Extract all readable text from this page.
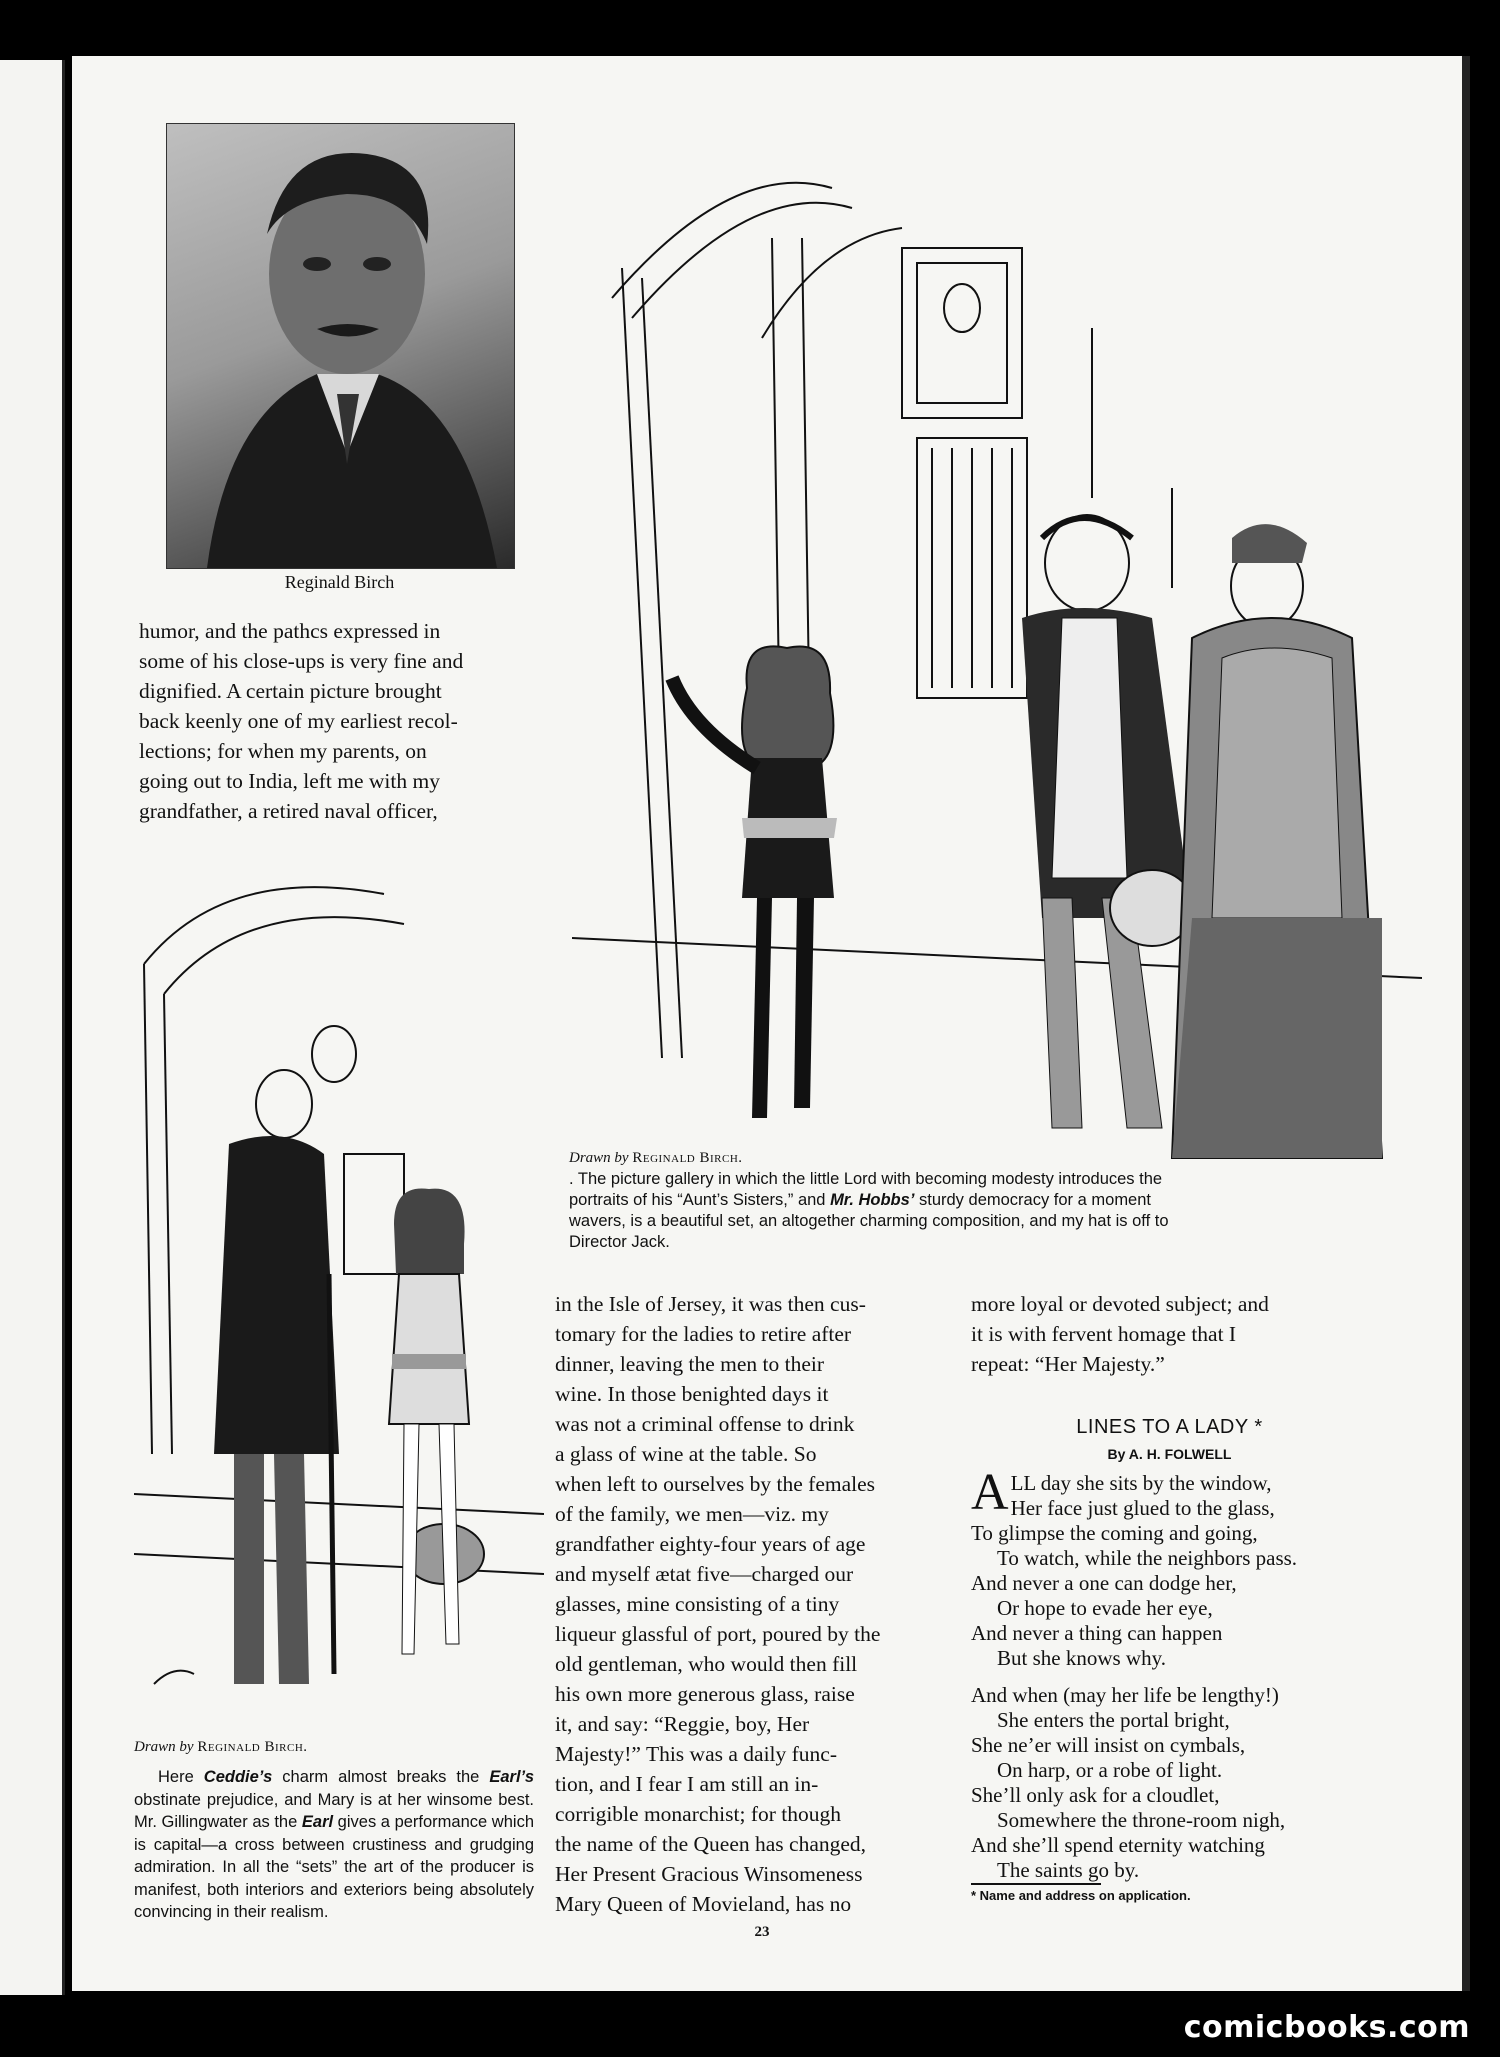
Reginald Birch

humor, and the pathcs expressed in

some of his close-ups is very fine and

dignified. A certain picture brought

back keenly one of my earliest recol-

lections; for when my parents, on

going out to India, left me with my

grandfather, a retired naval officer,

Drawn by Reginald Birch.
. The picture gallery in which the little Lord with becoming modesty introduces the
portraits of his “Aunt’s Sisters,” and Mr. Hobbs’ sturdy democracy for a moment
wavers, is a beautiful set, an altogether charming composition, and my hat is off to
Director Jack.
Drawn by Reginald Birch.
Here Ceddie’s charm almost breaks the Earl’s obstinate prejudice, and Mary is at her winsome best. Mr. Gillingwater as the Earl gives a performance which is capital—a cross between crustiness and grudging admiration. In all the “sets” the art of the producer is manifest, both interiors and exteriors being absolutely convincing in their realism.

in the Isle of Jersey, it was then cus-

tomary for the ladies to retire after

dinner, leaving the men to their

wine. In those benighted days it

was not a criminal offense to drink

a glass of wine at the table. So

when left to ourselves by the females

of the family, we men—viz. my

grandfather eighty-four years of age

and myself ætat five—charged our

glasses, mine consisting of a tiny

liqueur glassful of port, poured by the

old gentleman, who would then fill

his own more generous glass, raise

it, and say: “Reggie, boy, Her

Majesty!” This was a daily func-

tion, and I fear I am still an in-

corrigible monarchist; for though

the name of the Queen has changed,

Her Present Gracious Winsomeness

Mary Queen of Movieland, has no

more loyal or devoted subject; and

it is with fervent homage that I

repeat: “Her Majesty.”

LINES TO A LADY *
By A. H. FOLWELL
A LL day she sits by the window,
Her face just glued to the glass,
To glimpse the coming and going,
To watch, while the neighbors pass.
And never a one can dodge her,
Or hope to evade her eye,
And never a thing can happen
But she knows why.
And when (may her life be lengthy!)
She enters the portal bright,
She ne’er will insist on cymbals,
On harp, or a robe of light.
She’ll only ask for a cloudlet,
Somewhere the throne-room nigh,
And she’ll spend eternity watching
The saints go by.
* Name and address on application.
23
comicbooks.com
